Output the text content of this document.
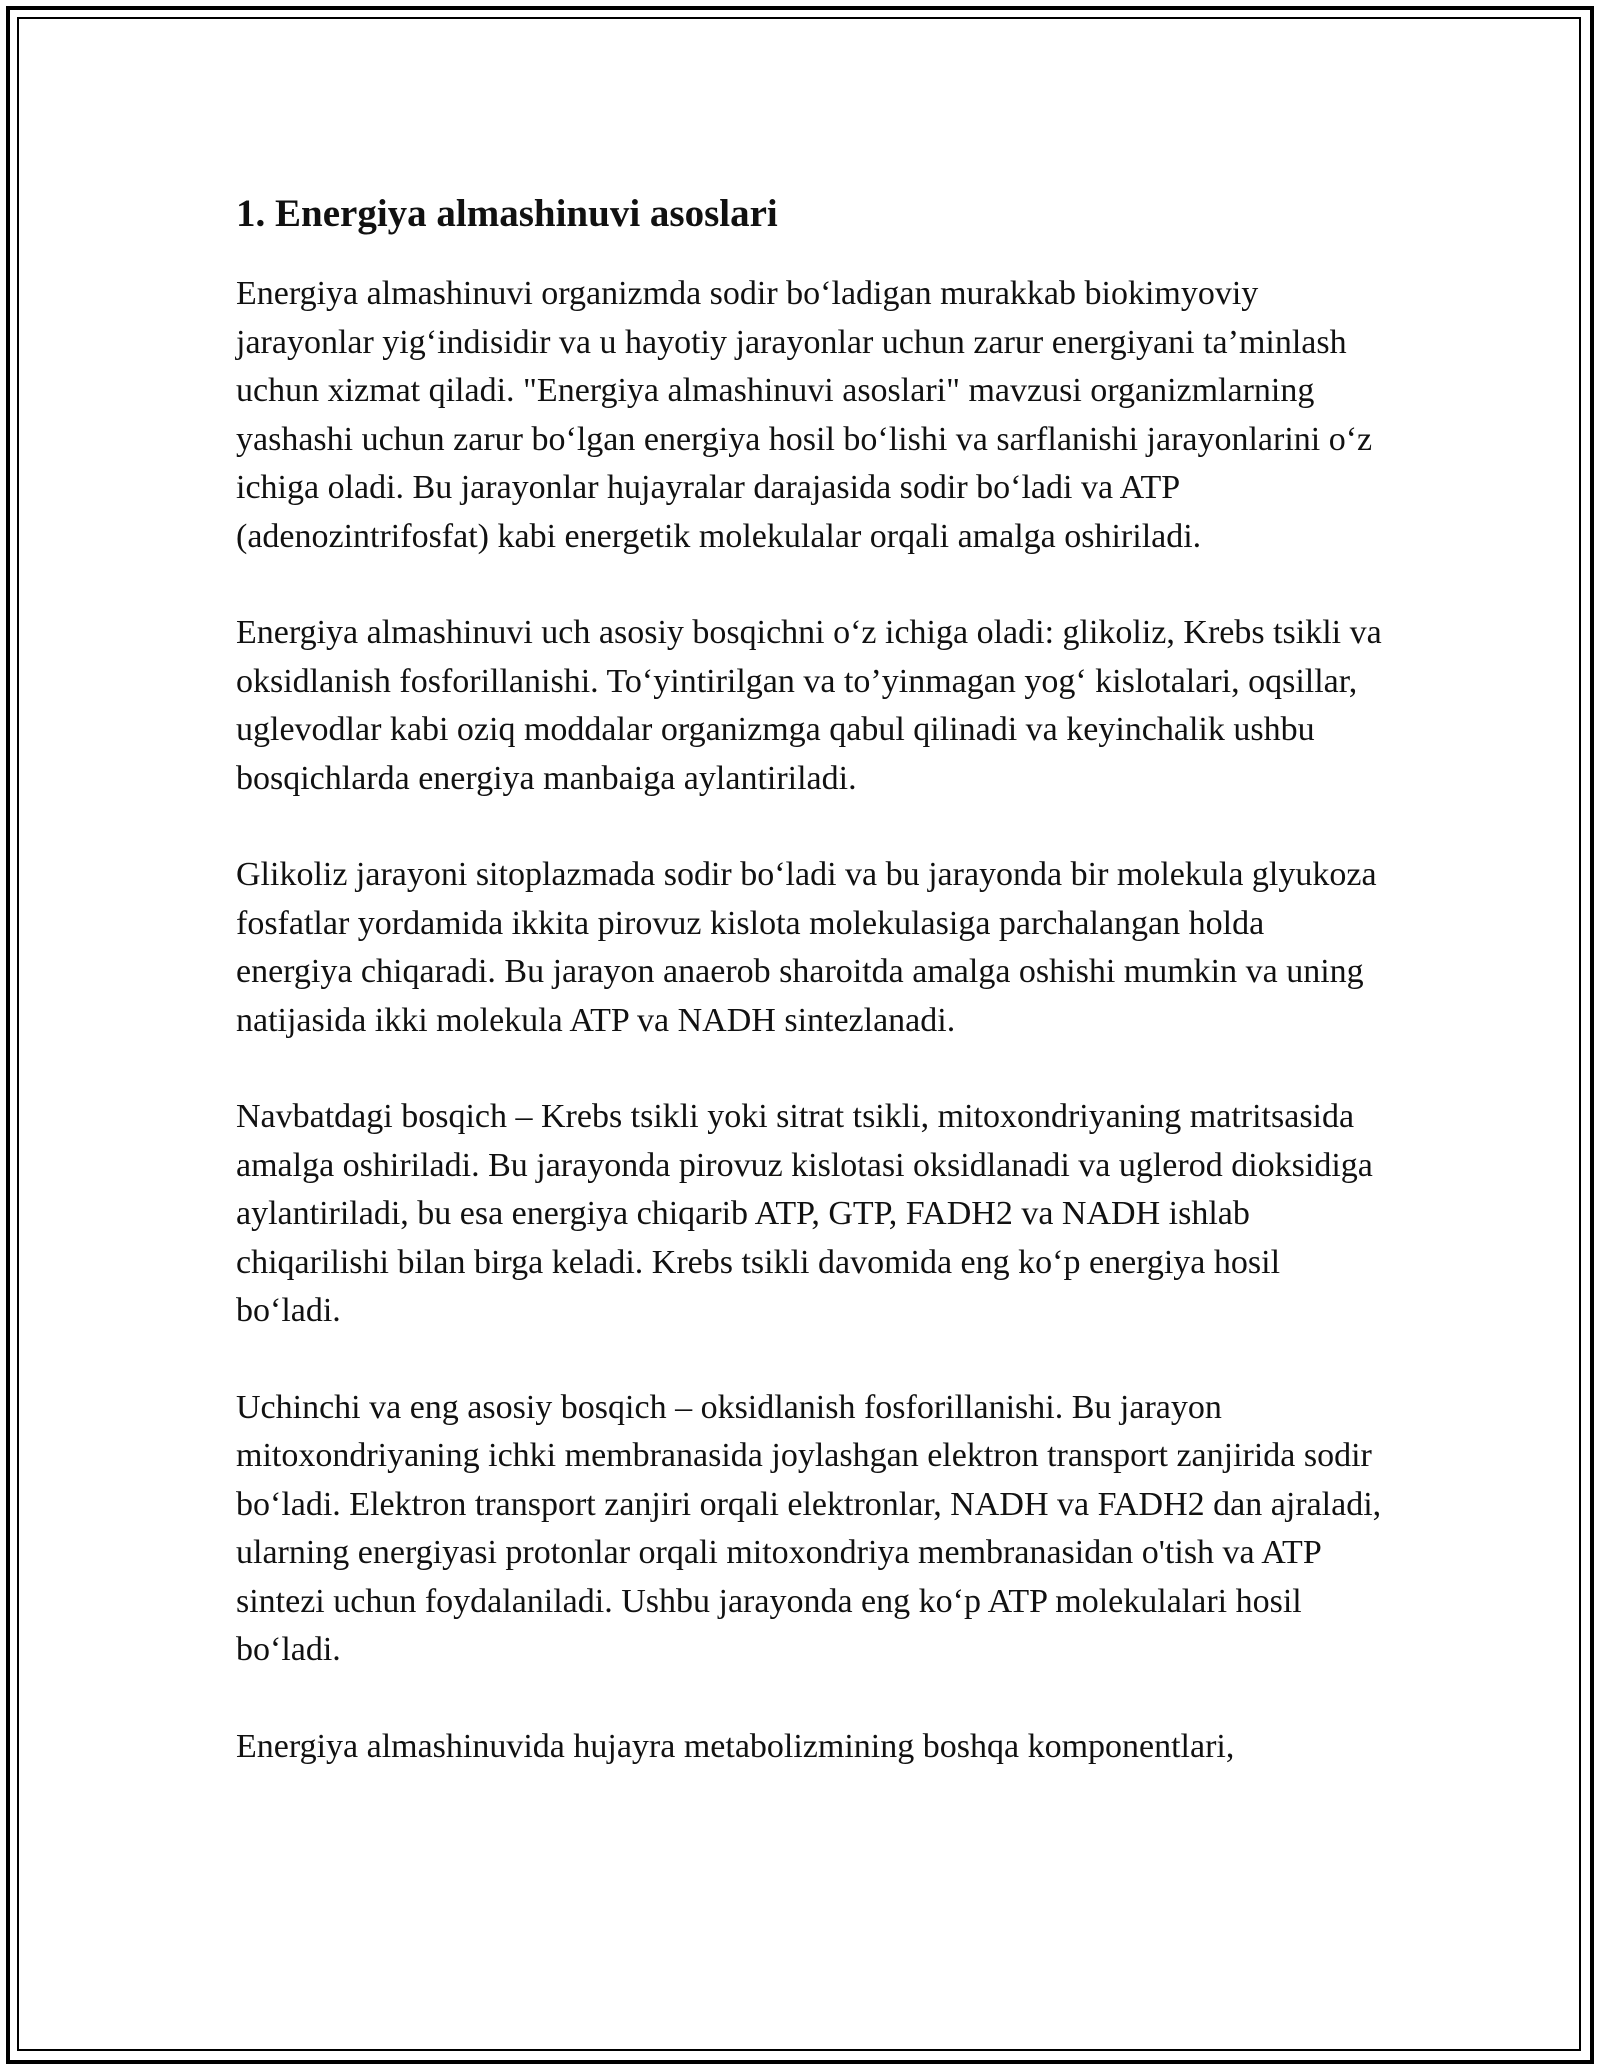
1. Energiya almashinuvi asoslari

Energiya almashinuvi organizmda sodir bo‘ladigan murakkab biokimyoviy jarayonlar yig‘indisidir va u hayotiy jarayonlar uchun zarur energiyani ta’minlash uchun xizmat qiladi. "Energiya almashinuvi asoslari" mavzusi organizmlarning yashashi uchun zarur bo‘lgan energiya hosil bo‘lishi va sarflanishi jarayonlarini o‘z ichiga oladi. Bu jarayonlar hujayralar darajasida sodir bo‘ladi va ATP (adenozintrifosfat) kabi energetik molekulalar orqali amalga oshiriladi.

Energiya almashinuvi uch asosiy bosqichni o‘z ichiga oladi: glikoliz, Krebs tsikli va oksidlanish fosforillanishi. To‘yintirilgan va to’yinmagan yog‘ kislotalari, oqsillar, uglevodlar kabi oziq moddalar organizmga qabul qilinadi va keyinchalik ushbu bosqichlarda energiya manbaiga aylantiriladi.

Glikoliz jarayoni sitoplazmada sodir bo‘ladi va bu jarayonda bir molekula glyukoza fosfatlar yordamida ikkita pirovuz kislota molekulasiga parchalangan holda energiya chiqaradi. Bu jarayon anaerob sharoitda amalga oshishi mumkin va uning natijasida ikki molekula ATP va NADH sintezlanadi.

Navbatdagi bosqich – Krebs tsikli yoki sitrat tsikli, mitoxondriyaning matritsasida amalga oshiriladi. Bu jarayonda pirovuz kislotasi oksidlanadi va uglerod dioksidiga aylantiriladi, bu esa energiya chiqarib ATP, GTP, FADH2 va NADH ishlab chiqarilishi bilan birga keladi. Krebs tsikli davomida eng ko‘p energiya hosil bo‘ladi.

Uchinchi va eng asosiy bosqich – oksidlanish fosforillanishi. Bu jarayon mitoxondriyaning ichki membranasida joylashgan elektron transport zanjirida sodir bo‘ladi. Elektron transport zanjiri orqali elektronlar, NADH va FADH2 dan ajraladi, ularning energiyasi protonlar orqali mitoxondriya membranasidan o'tish va ATP sintezi uchun foydalaniladi. Ushbu jarayonda eng ko‘p ATP molekulalari hosil bo‘ladi.

Energiya almashinuvida hujayra metabolizmining boshqa komponentlari,
